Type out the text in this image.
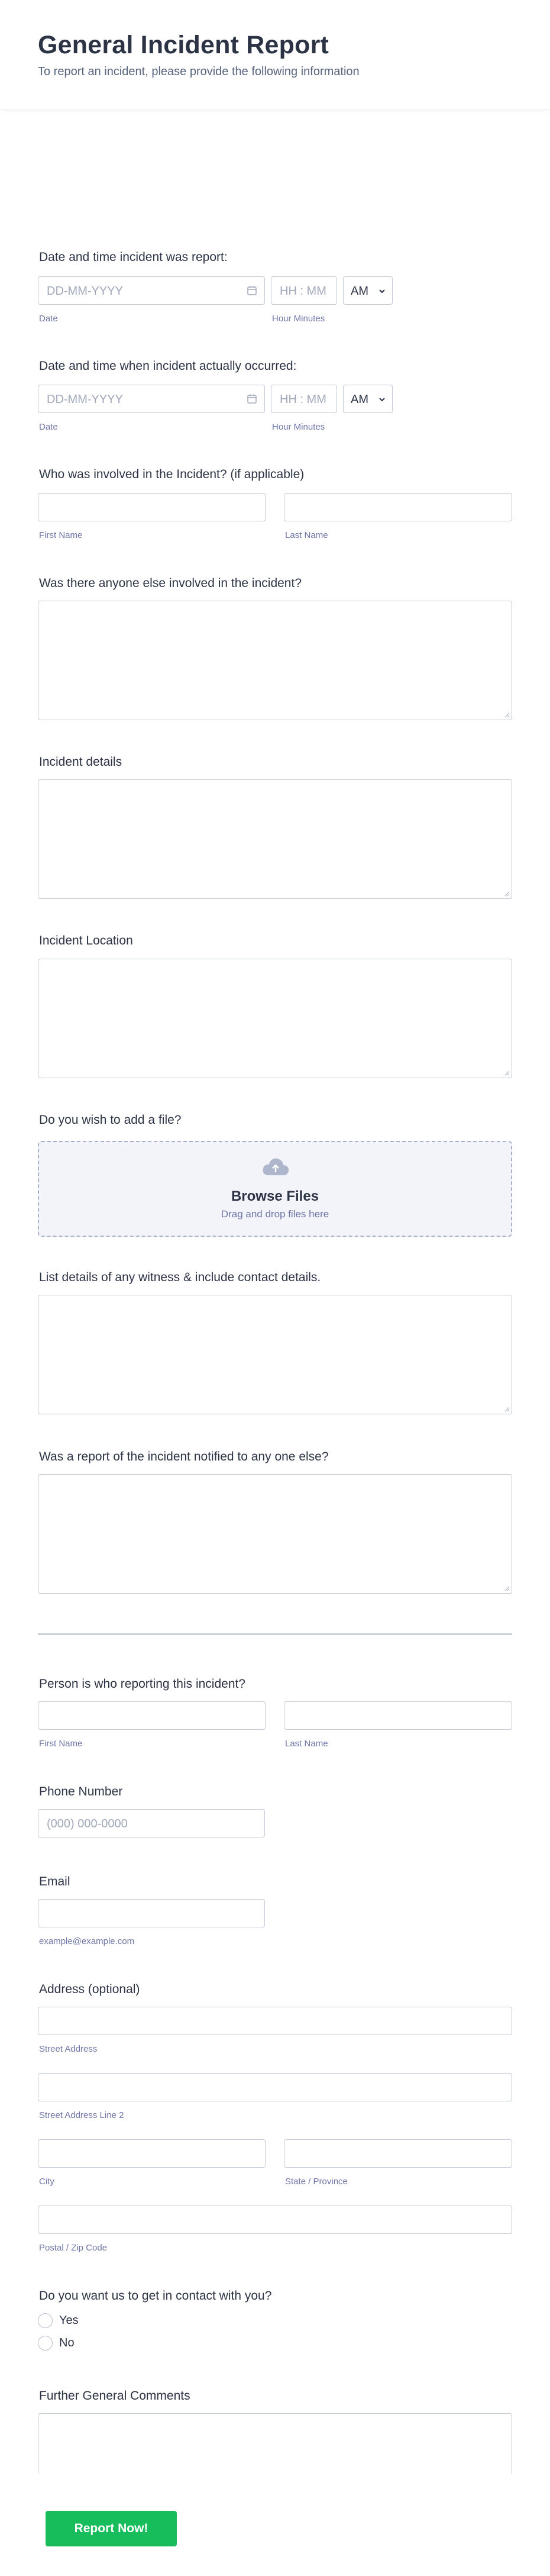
General Incident Report
To report an incident, please provide the following information
Date and time incident was report:
DD-MM-YYYY
Date
HH : MM
Hour Minutes
AM
Date and time when incident actually occurred:
DD-MM-YYYY
Date
HH : MM
Hour Minutes
AM
Who was involved in the Incident? (if applicable)
First Name	Last Name
Was there anyone else involved in the incident?
Incident details
Incident Location
Do you wish to add a file?
Browse Files
Drag and drop files here
List details of any witness & include contact details.
Was a report of the incident notified to any one else?
Person is who reporting this incident?
First Name	Last Name
Phone Number
(000) 000-0000
Email
example@example.com
Address (optional)
Street Address
Street Address Line 2
City	State / Province
Postal / Zip Code
Do you want us to get in contact with you?
Yes
No
Further General Comments
Report Now!
